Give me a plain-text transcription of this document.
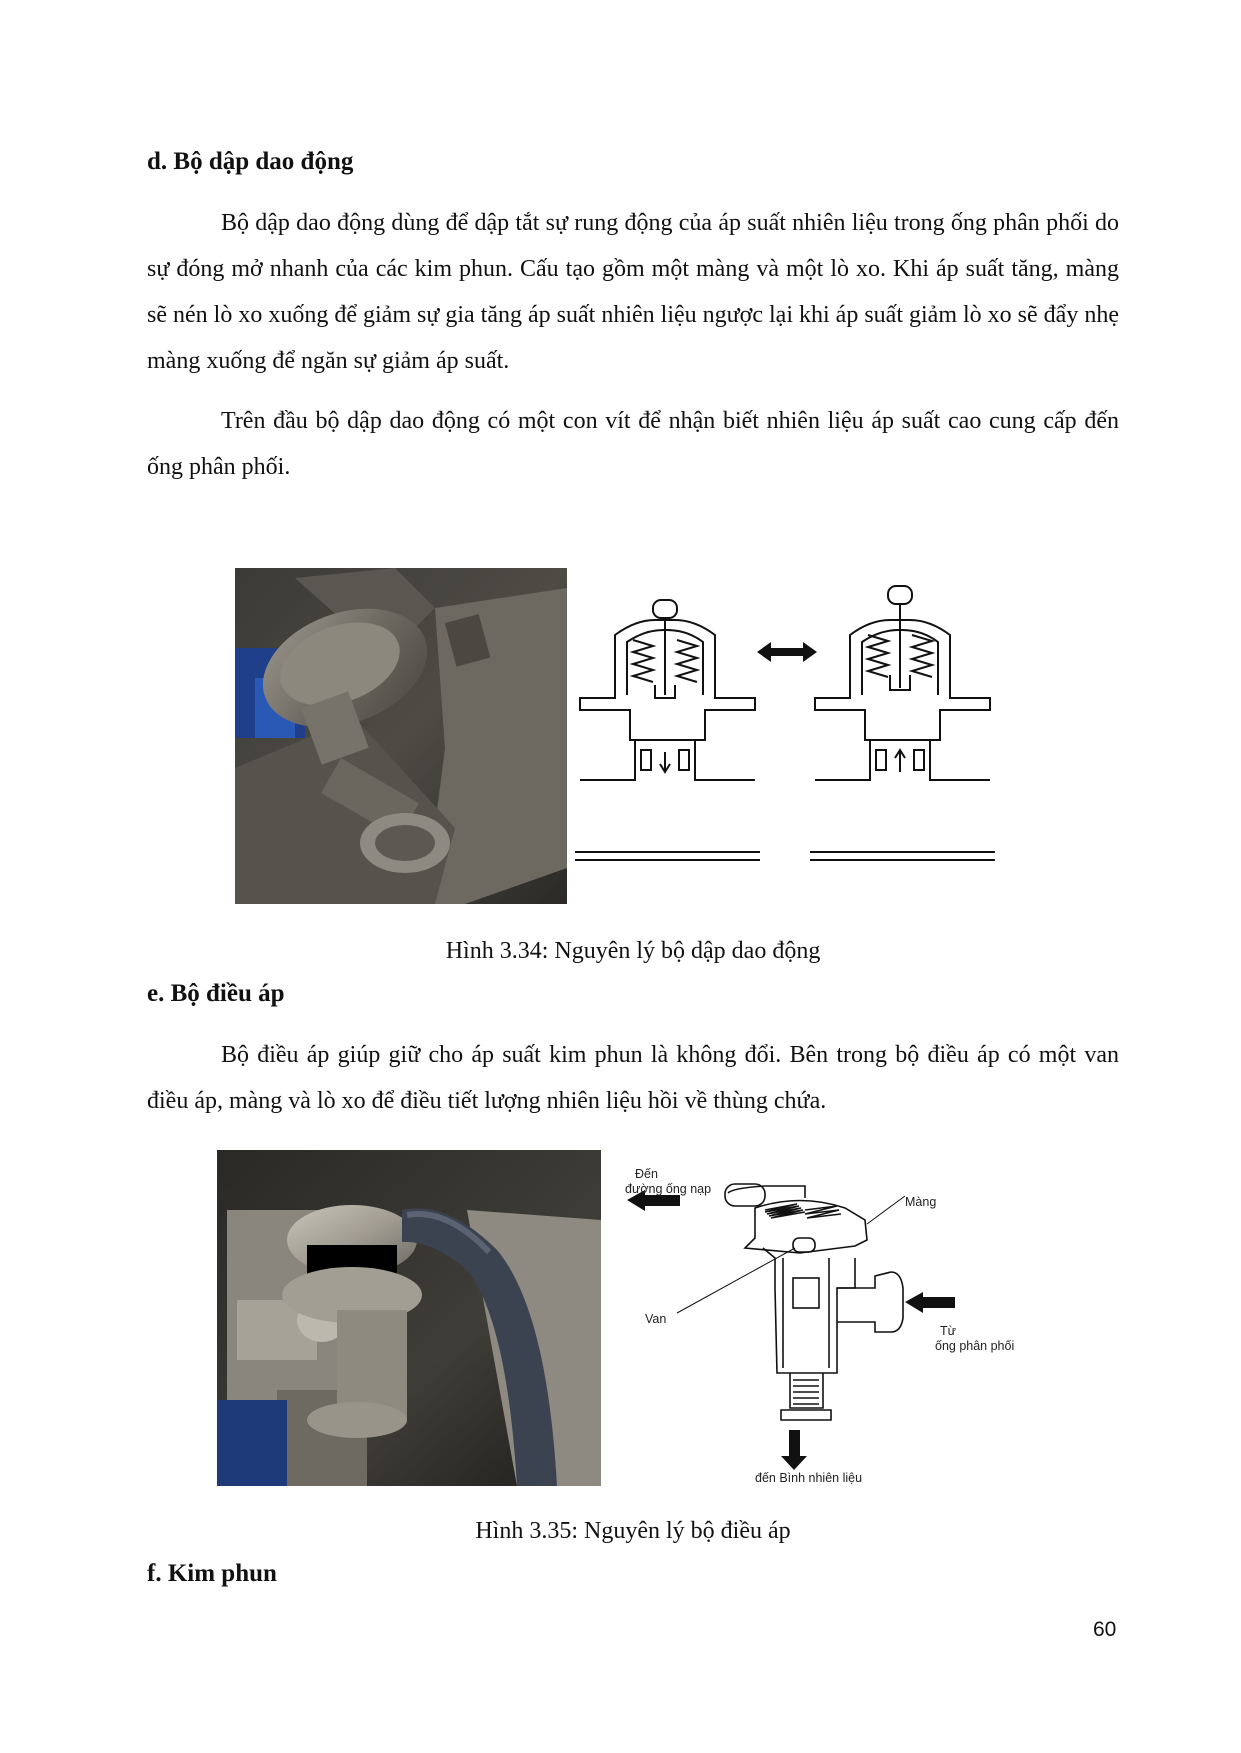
d. Bộ dập dao động

Bộ dập dao động dùng để dập tắt sự rung động của áp suất nhiên liệu trong ống phân phối do sự đóng mở nhanh của các kim phun. Cấu tạo gồm một màng và một lò xo. Khi áp suất tăng, màng sẽ nén lò xo xuống để giảm sự gia tăng áp suất nhiên liệu ngược lại khi áp suất giảm lò xo sẽ đẩy nhẹ màng xuống để ngăn sự giảm áp suất.

Trên đầu bộ dập dao động có một con vít để nhận biết nhiên liệu áp suất cao cung cấp đến ống phân phối.

Hình 3.34: Nguyên lý bộ dập dao động
e. Bộ điều áp

Bộ điều áp giúp giữ cho áp suất kim phun là không đổi. Bên trong bộ điều áp có một van điều áp, màng và lò xo để điều tiết lượng nhiên liệu hồi về thùng chứa.

Đến
đường ống nạp
Màng
Van
Từ
ống phân phối
đến Bình nhiên liệu
Hình 3.35: Nguyên lý bộ điều áp
f. Kim phun
60
